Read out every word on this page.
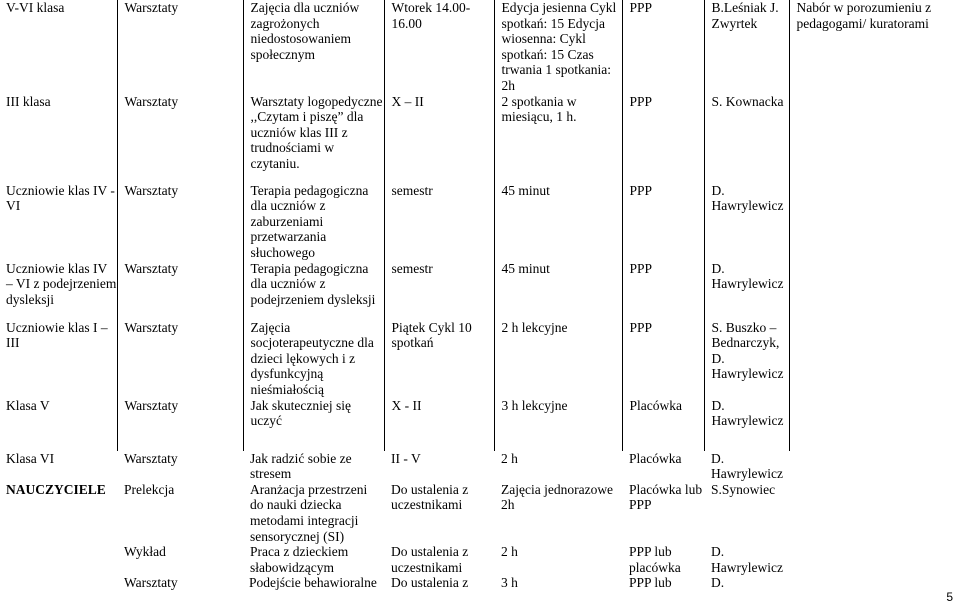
V-VI klasa	Warsztaty	Zajęcia dla uczniów zagrożonych niedostosowaniem społecznym	Wtorek 14.00- 16.00	Edycja jesienna Cykl spotkań: 15 Edycja wiosenna: Cykl spotkań: 15 Czas trwania 1 spotkania: 2h	PPP	B.Leśniak J. Zwyrtek	Nabór w porozumieniu z pedagogami/ kuratorami
III klasa	Warsztaty	Warsztaty logopedyczne ,,Czytam i piszę” dla uczniów klas III z trudnościami w czytaniu.	X – II	2 spotkania w miesiącu, 1 h.	PPP	S. Kownacka	
Uczniowie klas IV - VI	Warsztaty	Terapia pedagogiczna dla uczniów z zaburzeniami przetwarzania słuchowego	semestr	45 minut	PPP	D. Hawrylewicz	
Uczniowie klas IV – VI z podejrzeniem dysleksji	Warsztaty	Terapia pedagogiczna dla uczniów z podejrzeniem dysleksji	semestr	45 minut	PPP	D. Hawrylewicz	
Uczniowie klas I – III	Warsztaty	Zajęcia socjoterapeutyczne dla dzieci lękowych i z dysfunkcyjną nieśmiałością	Piątek Cykl 10 spotkań	2 h lekcyjne	PPP	S. Buszko – Bednarczyk, D. Hawrylewicz	
Klasa V	Warsztaty	Jak skutecznieј się uczyć	X - II	3 h lekcyjne	Placówka	D. Hawrylewicz	

Klasa VI	Warsztaty	Jak radzić sobie ze stresem	II - V	2 h	Placówka	D. Hawrylewicz	
NAUCZYCIELE	Prelekcja	Aranżacja przestrzeni do nauki dziecka metodami integracji sensorycznej (SI)	Do ustalenia z uczestnikami	Zajęcia jednorazowe 2h	Placówka lub PPP	S.Synowiec	
	Wykład	Praca z dzieckiem słabowidzącym	Do ustalenia z uczestnikami	2 h	PPP lub placówka	D. Hawrylewicz	
	Warsztaty	Podejście behawioralne	Do ustalenia z	3 h	PPP lub	D.	
5
